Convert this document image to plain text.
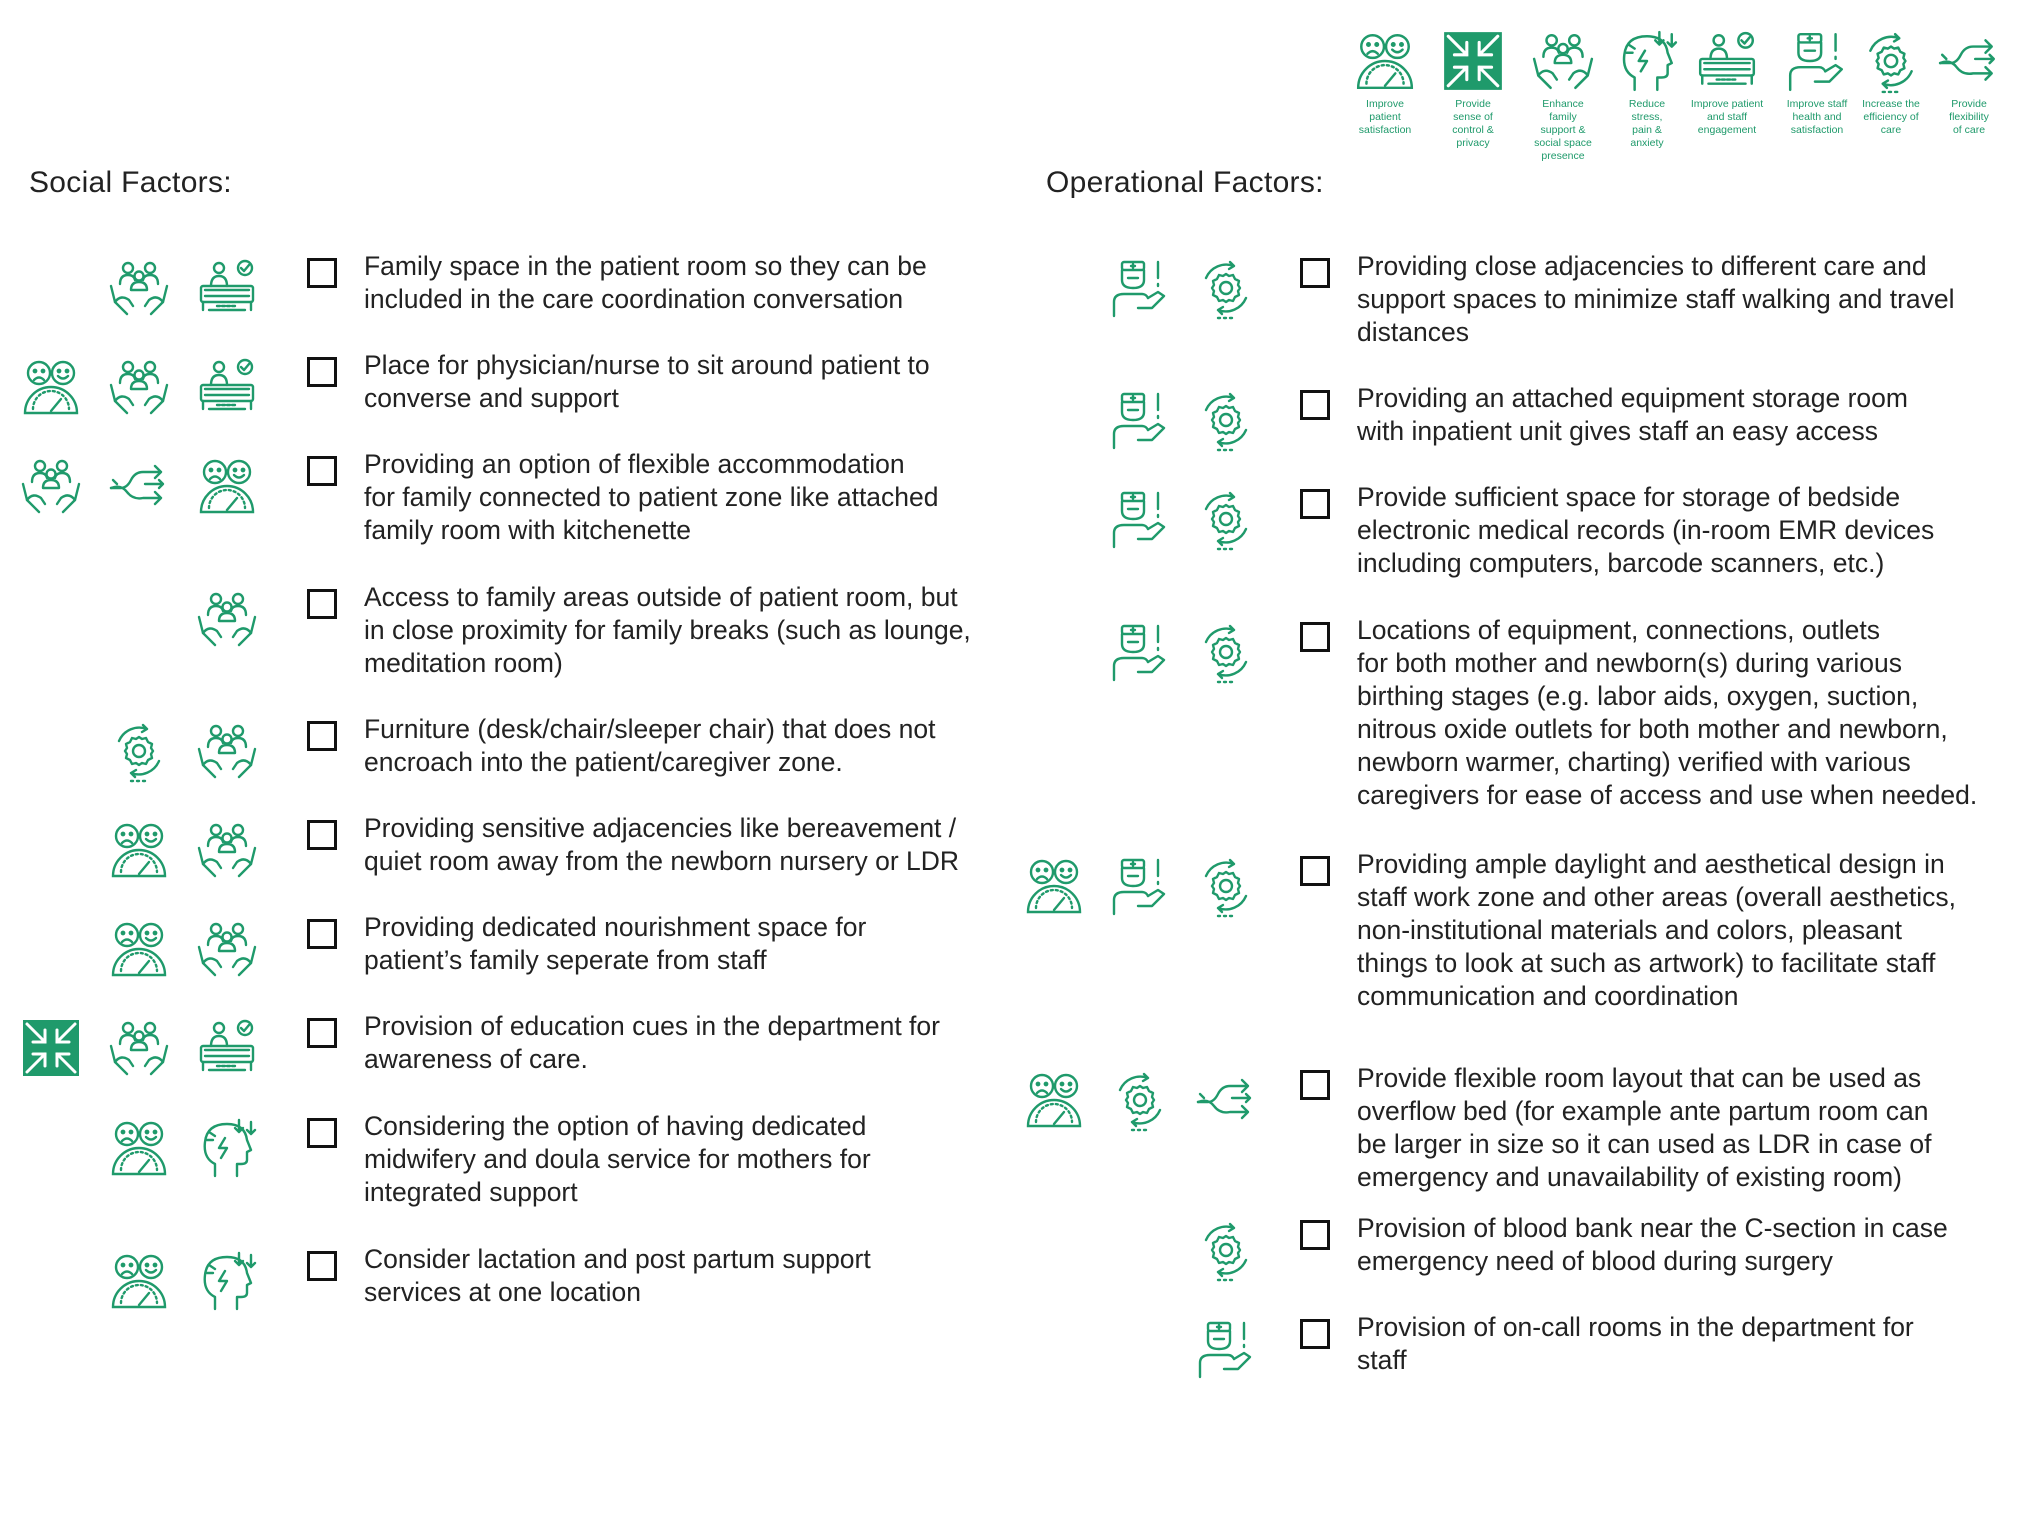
Improve
patient
satisfaction
Provide
sense of
control &
privacy
Enhance
family
support &
social space
presence
Reduce
stress,
pain &
anxiety
Improve patient
and staff
engagement
Improve staff
health and
satisfaction
Increase the
efficiency of
care
Provide
flexibility
of care
Social Factors:	Operational Factors:
Family space in the patient room so they can be
included in the care coordination conversation
Place for physician/nurse to sit around patient to
converse and support
Providing an option of flexible accommodation
for family connected to patient zone like attached
family room with kitchenette
Access to family areas outside of patient room, but
in close proximity for family breaks (such as lounge,
meditation room)
Furniture (desk/chair/sleeper chair) that does not
encroach into the patient/caregiver zone.
Providing sensitive adjacencies like bereavement /
quiet room away from the newborn nursery or LDR
Providing dedicated nourishment space for
patient’s family seperate from staff
Provision of education cues in the department for
awareness of care.
Considering the option of having dedicated
midwifery and doula service for mothers for
integrated support
Consider lactation and post partum support
services at one location
Providing close adjacencies to different care and
support spaces to minimize staff walking and travel
distances
Providing an attached equipment storage room
with inpatient unit gives staff an easy access
Provide sufficient space for storage of bedside
electronic medical records (in-room EMR devices
including computers, barcode scanners, etc.)
Locations of equipment, connections, outlets
for both mother and newborn(s) during various
birthing stages (e.g. labor aids, oxygen, suction,
nitrous oxide outlets for both mother and newborn,
newborn warmer, charting) verified with various
caregivers for ease of access and use when needed.
Providing ample daylight and aesthetical design in
staff work zone and other areas (overall aesthetics,
non-institutional materials and colors, pleasant
things to look at such as artwork) to facilitate staff
communication and coordination
Provide flexible room layout that can be used as
overflow bed (for example ante partum room can
be larger in size so it can used as LDR in case of
emergency and unavailability of existing room)
Provision of blood bank near the C-section in case
emergency need of blood during surgery
Provision of on-call rooms in the department for
staff
